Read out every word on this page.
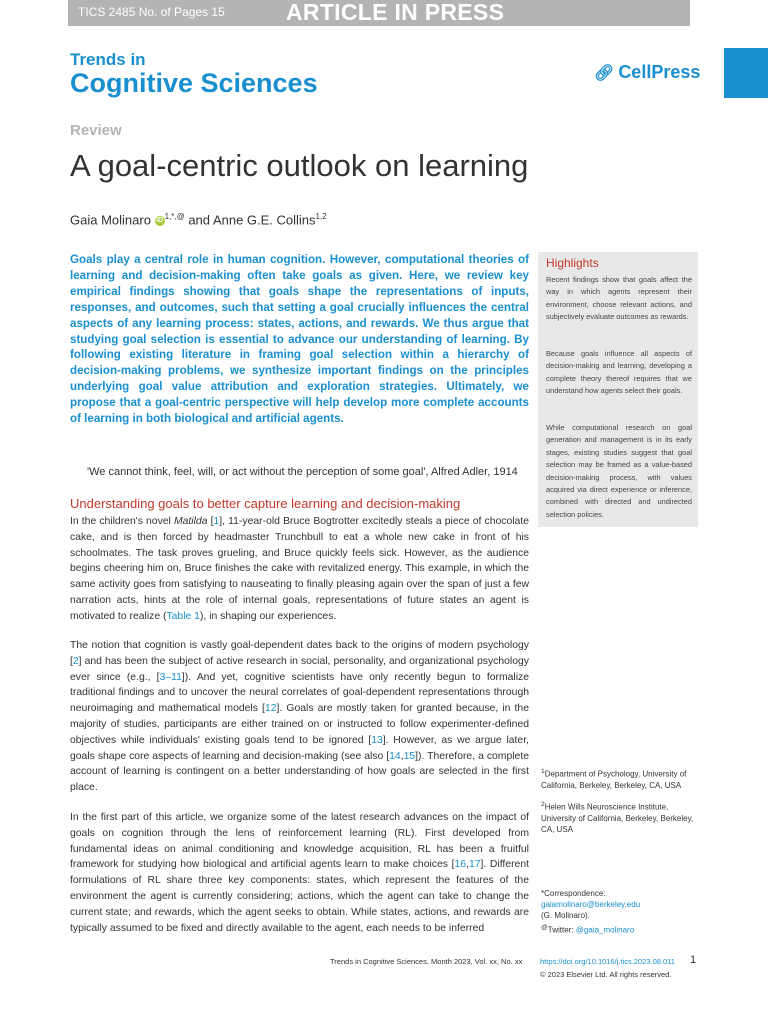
TICS 2485 No. of Pages 15	ARTICLE IN PRESS
Trends in
Cognitive Sciences	🔗︎ CellPress
Review
A goal-centric outlook on learning
Gaia Molinaro iD $^{1,*,@}$ and Anne G.E. Collins$^{1,2}$

Goals play a central role in human cognition. However, computational theories of learning and decision-making often take goals as given. Here, we review key empirical findings showing that goals shape the representations of inputs, responses, and outcomes, such that setting a goal crucially influences the central aspects of any learning process: states, actions, and rewards. We thus argue that studying goal selection is essential to advance our understanding of learning. By following existing literature in framing goal selection within a hierarchy of decision-making problems, we synthesize important findings on the principles underlying goal value attribution and exploration strategies. Ultimately, we propose that a goal-centric perspective will help develop more complete accounts of learning in both biological and artificial agents.

'We cannot think, feel, will, or act without the perception of some goal', Alfred Adler, 1914
Understanding goals to better capture learning and decision-making

In the children's novel Matilda [1], 11-year-old Bruce Bogtrotter excitedly steals a piece of chocolate cake, and is then forced by headmaster Trunchbull to eat a whole new cake in front of his schoolmates. The task proves grueling, and Bruce quickly feels sick. However, as the audience begins cheering him on, Bruce finishes the cake with revitalized energy. This example, in which the same activity goes from satisfying to nauseating to finally pleasing again over the span of just a few narration acts, hints at the role of internal goals, representations of future states an agent is motivated to realize (Table 1), in shaping our experiences.

The notion that cognition is vastly goal-dependent dates back to the origins of modern psychology [2] and has been the subject of active research in social, personality, and organizational psychology ever since (e.g., [3–11]). And yet, cognitive scientists have only recently begun to formalize traditional findings and to uncover the neural correlates of goal-dependent representations through neuroimaging and mathematical models [12]. Goals are mostly taken for granted because, in the majority of studies, participants are either trained on or instructed to follow experimenter-defined objectives while individuals' existing goals tend to be ignored [13]. However, as we argue later, goals shape core aspects of learning and decision-making (see also [14,15]). Therefore, a complete account of learning is contingent on a better understanding of how goals are selected in the first place.

In the first part of this article, we organize some of the latest research advances on the impact of goals on cognition through the lens of reinforcement learning (RL). First developed from fundamental ideas on animal conditioning and knowledge acquisition, RL has been a fruitful framework for studying how biological and artificial agents learn to make choices [16,17]. Different formulations of RL share three key components: states, which represent the features of the environment the agent is currently considering; actions, which the agent can take to change the current state; and rewards, which the agent seeks to obtain. While states, actions, and rewards are typically assumed to be fixed and directly available to the agent, each needs to be inferred

Highlights

Recent findings show that goals affect the way in which agents represent their environment, choose relevant actions, and subjectively evaluate outcomes as rewards.

Because goals influence all aspects of decision-making and learning, developing a complete theory thereof requires that we understand how agents select their goals.

While computational research on goal generation and management is in its early stages, existing studies suggest that goal selection may be framed as a value-based decision-making process, with values acquired via direct experience or inference, combined with directed and undirected selection policies.

$^1$Department of Psychology, University of California, Berkeley, Berkeley, CA, USA

$^2$Helen Wills Neuroscience Institute, University of California, Berkeley, Berkeley, CA, USA

*Correspondence:
gaiamolinaro@berkeley.edu
(G. Molinaro).
@Twitter: @gaia_molinaro

Trends in Cognitive Sciences, Month 2023, Vol. xx, No. xx https://doi.org/10.1016/j.tics.2023.08.011
© 2023 Elsevier Ltd. All rights reserved.
1
